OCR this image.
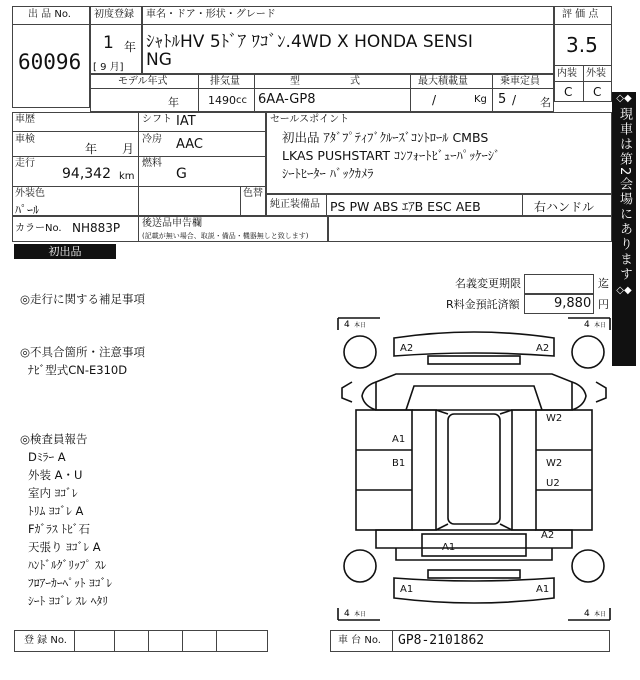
出 品 No.
60096
初度登録
1 年
[ 9 月]
車名・ドア・形状・グレード
ｼｬﾄﾙHV 5ﾄﾞｱ ﾜｺﾞﾝ.4WD X HONDA SENSI
NG
評 価 点
3.5
内装 外装
C C
モデル年式	排気量	型　　　　　式	最大積載量	乗車定員
年	1490 cc 6AA-GP8	/	Kg 5 / 名
車歴	シフト IAT
車検
年 月
冷房 AAC
走行
94,342 km
燃料
G
外装色
ﾊﾟｰﾙ
色替
カラーNo. NH883P 後送品申告欄
(記載が無い場合、取説・備品・機器無しと致します)
初出品
セールスポイント
初出品 ｱﾀﾞﾌﾟﾃｨﾌﾞｸﾙｰｽﾞｺﾝﾄﾛｰﾙ CMBS
LKAS PUSHSTART ｺﾝﾌｫｰﾄﾋﾞｭｰﾊﾟｯｹｰｼﾞ
ｼｰﾄﾋｰﾀｰ ﾊﾞｯｸｶﾒﾗ
純正装備品 PS PW ABS ｴｱB ESC AEB	右ハンドル
◇◆
現車は第2会場にあります
◇◆
名義変更期限	迄
R料金預託済額	9,880 円
◎走行に関する補足事項
◎不具合箇所・注意事項
ﾅﾋﾞ型式CN-E310D
◎検査員報告
Dﾐﾗｰ A
外装 A・U
室内 ﾖｺﾞﾚ
ﾄﾘﾑ ﾖｺﾞﾚ A
Fｶﾞﾗｽ ﾄﾋﾞ石
天張り ﾖｺﾞﾚ A
ﾊﾝﾄﾞﾙｸﾞﾘｯﾌﾟ ｽﾚ
ﾌﾛｱｰｶｰﾍﾟｯﾄ ﾖｺﾞﾚ
ｼｰﾄ ﾖｺﾞﾚ ｽﾚ ﾍﾀﾘ
4 本日	4 本日
4 本日	4 本日
A2	A2
A1
B1
W2
W2
U2
A1
A2
A1	A1
登 録 No.	車 台 No. GP8-2101862
